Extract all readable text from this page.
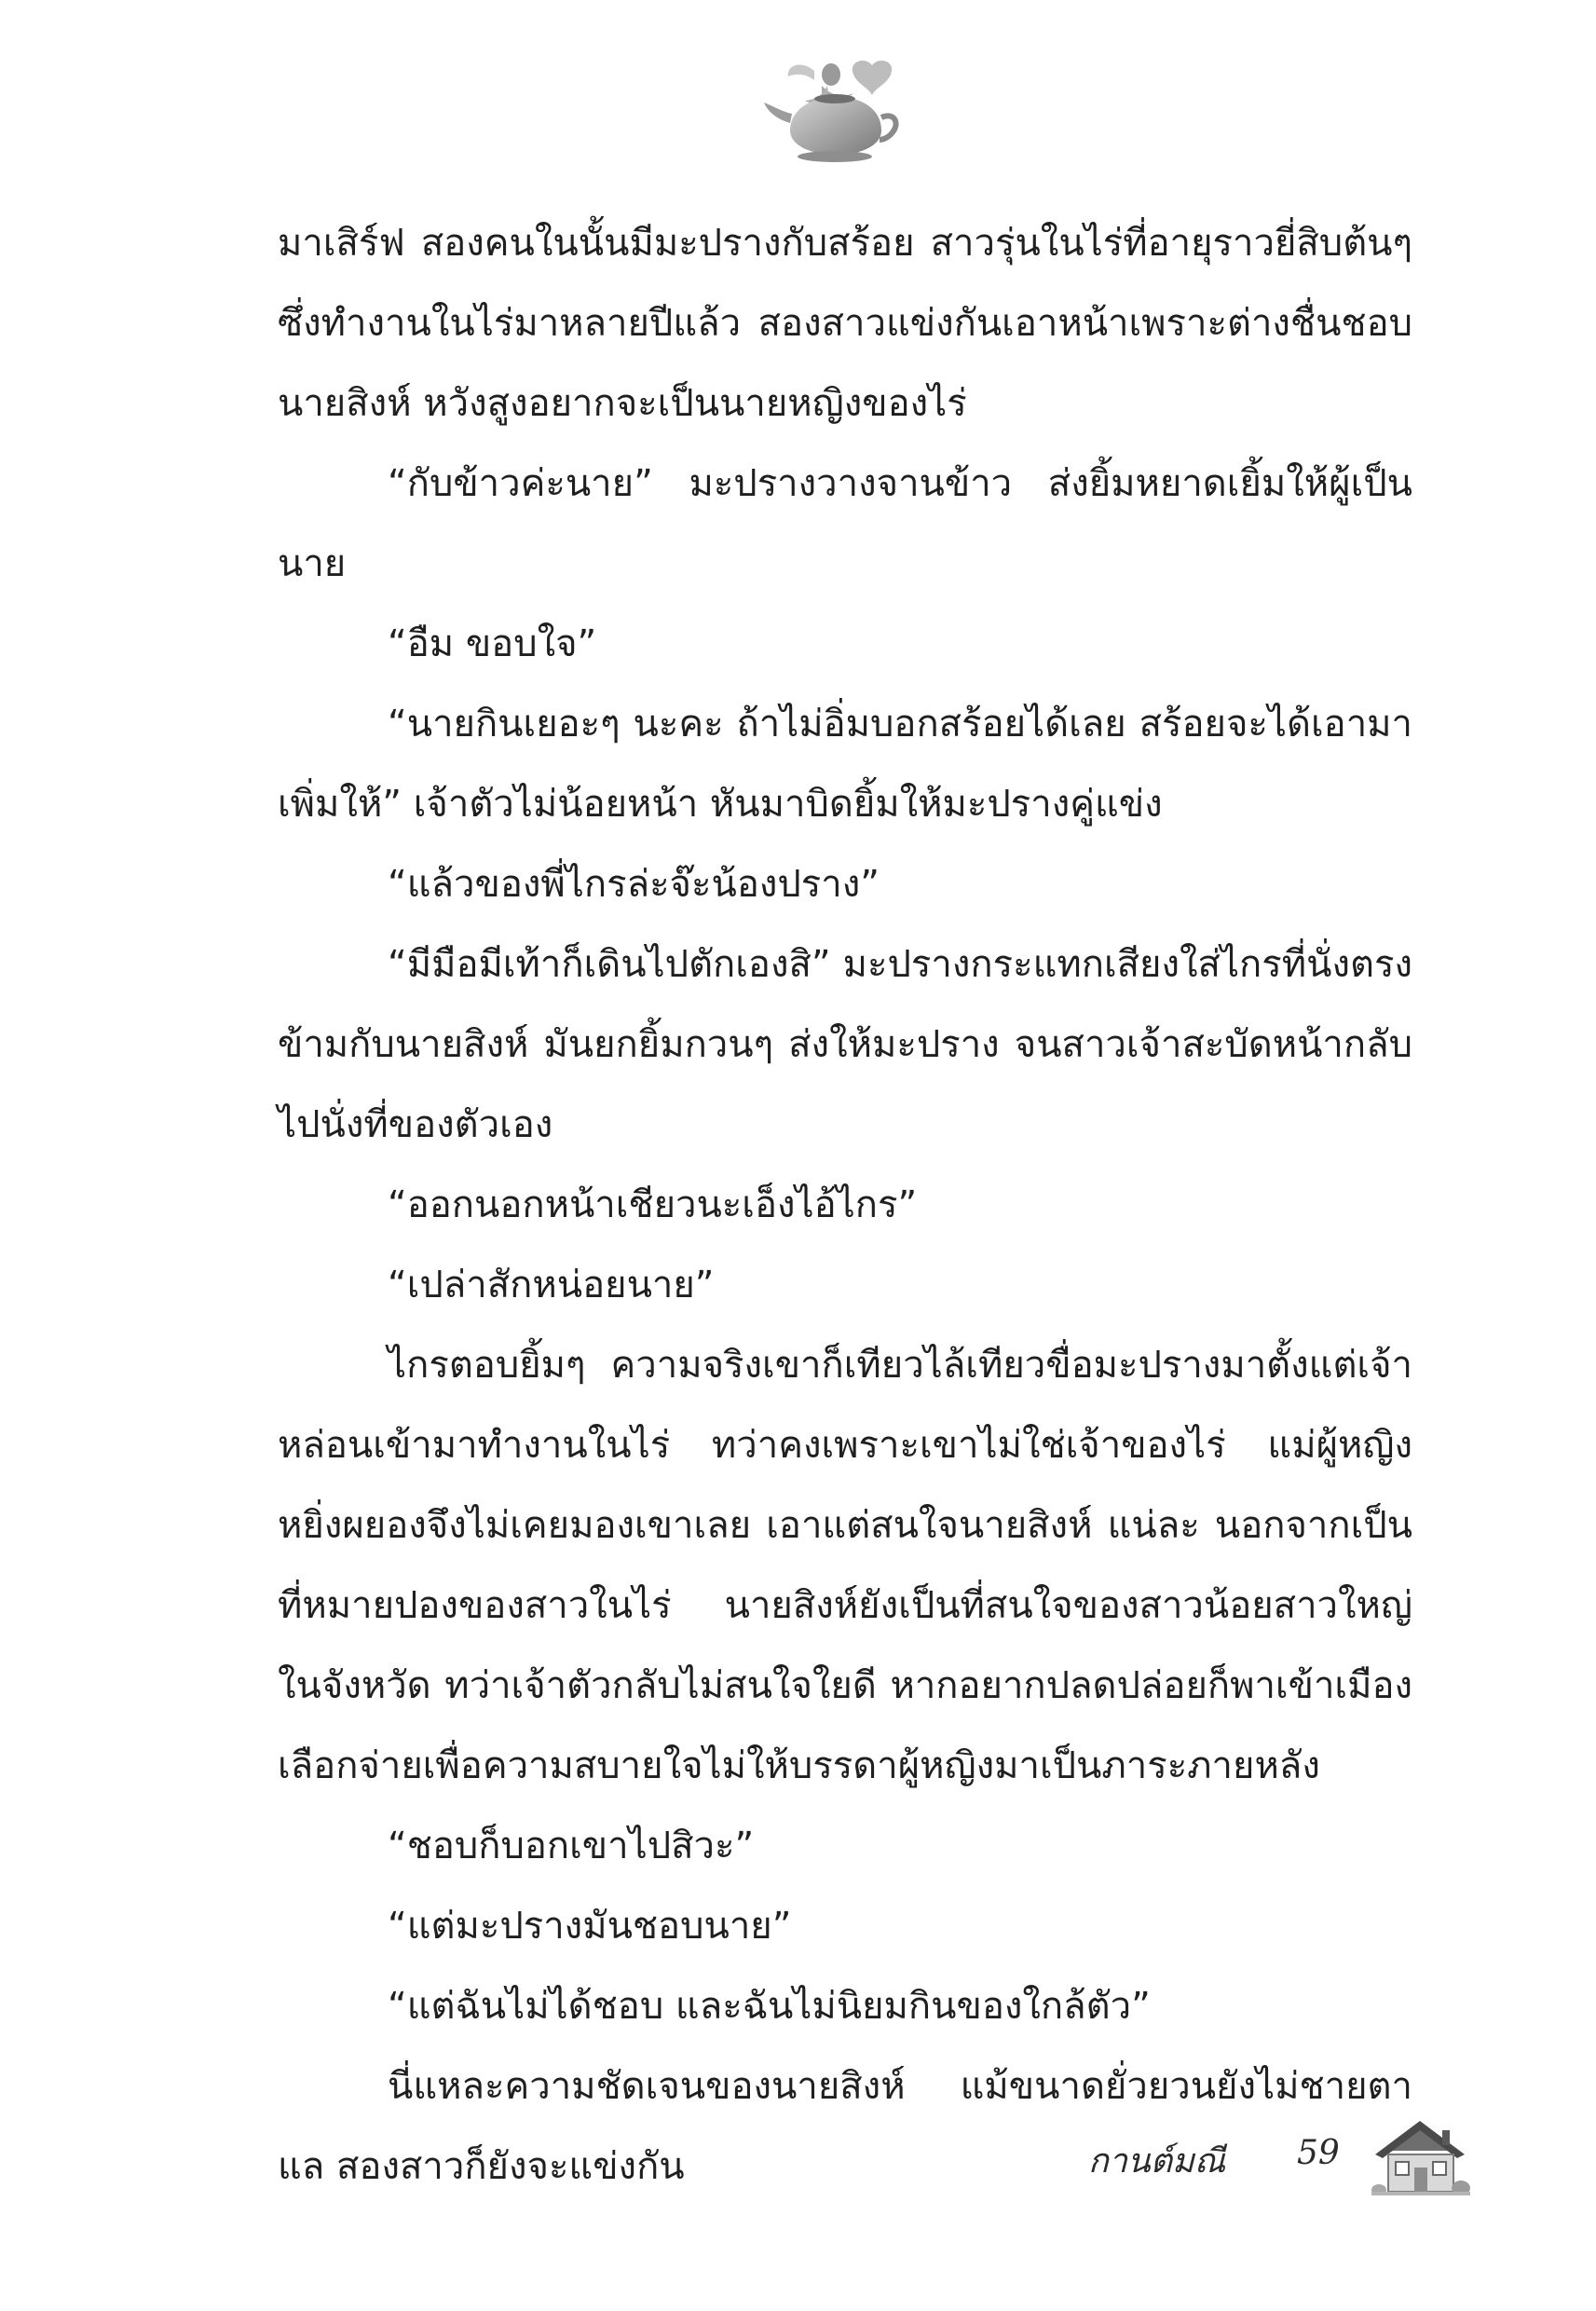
มาเสิร์ฟ สองคนในนั้นมีมะปรางกับสร้อย สาวรุ่นในไร่ที่อายุราวยี่สิบต้นๆ ซึ่งทำงานในไร่มาหลายปีแล้ว สองสาวแข่งกันเอาหน้าเพราะต่างชื่นชอบนายสิงห์ หวังสูงอยากจะเป็นนายหญิงของไร่

“กับข้าวค่ะนาย” มะปรางวางจานข้าว ส่งยิ้มหยาดเยิ้มให้ผู้เป็นนาย

“อืม ขอบใจ”

“นายกินเยอะๆ นะคะ ถ้าไม่อิ่มบอกสร้อยได้เลย สร้อยจะได้เอามาเพิ่มให้” เจ้าตัวไม่น้อยหน้า หันมาบิดยิ้มให้มะปรางคู่แข่ง

“แล้วของพี่ไกรล่ะจ๊ะน้องปราง”

“มีมือมีเท้าก็เดินไปตักเองสิ” มะปรางกระแทกเสียงใส่ไกรที่นั่งตรงข้ามกับนายสิงห์ มันยกยิ้มกวนๆ ส่งให้มะปราง จนสาวเจ้าสะบัดหน้ากลับไปนั่งที่ของตัวเอง

“ออกนอกหน้าเชียวนะเอ็งไอ้ไกร”

“เปล่าสักหน่อยนาย”

ไกรตอบยิ้มๆ ความจริงเขาก็เทียวไล้เทียวขื่อมะปรางมาตั้งแต่เจ้าหล่อนเข้ามาทำงานในไร่ ทว่าคงเพราะเขาไม่ใช่เจ้าของไร่ แม่ผู้หญิงหยิ่งผยองจึงไม่เคยมองเขาเลย เอาแต่สนใจนายสิงห์ แน่ละ นอกจากเป็นที่หมายปองของสาวในไร่ นายสิงห์ยังเป็นที่สนใจของสาวน้อยสาวใหญ่ในจังหวัด ทว่าเจ้าตัวกลับไม่สนใจใยดี หากอยากปลดปล่อยก็พาเข้าเมืองเลือกจ่ายเพื่อความสบายใจไม่ให้บรรดาผู้หญิงมาเป็นภาระภายหลัง

“ชอบก็บอกเขาไปสิวะ”

“แต่มะปรางมันชอบนาย”

“แต่ฉันไม่ได้ชอบ และฉันไม่นิยมกินของใกล้ตัว”

นี่แหละความชัดเจนของนายสิงห์ แม้ขนาดยั่วยวนยังไม่ชายตาแล สองสาวก็ยังจะแข่งกัน	กานต์มณี 59
